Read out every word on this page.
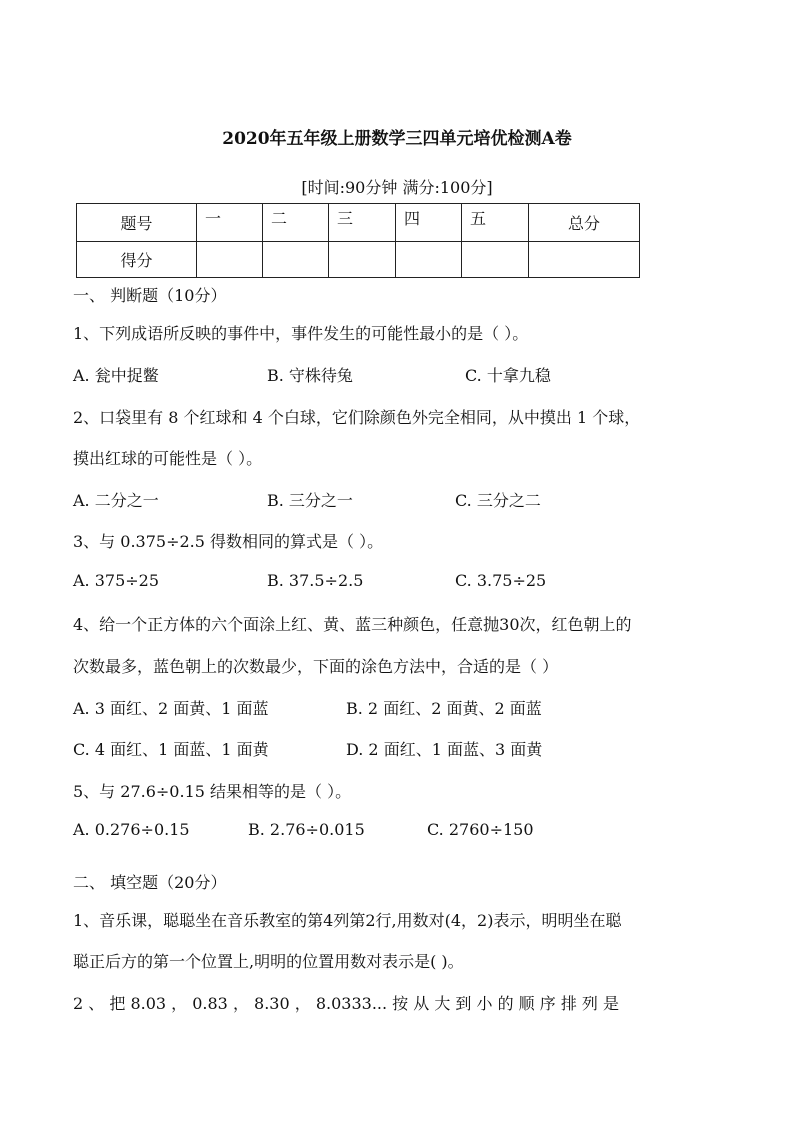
2020年五年级上册数学三四单元培优检测A卷
[时间:90分钟 满分:100分]
题号	一	二	三	四	五	总分
得分						
一、 判断题（10分）
1、下列成语所反映的事件中，事件发生的可能性最小的是（ ）。
A. 瓮中捉鳖	B. 守株待兔	C. 十拿九稳
2、口袋里有 8 个红球和 4 个白球，它们除颜色外完全相同，从中摸出 1 个球，
摸出红球的可能性是（ ）。
A. 二分之一	B. 三分之一	C. 三分之二
3、与 0.375÷2.5 得数相同的算式是（ ）。
A. 375÷25	B. 37.5÷2.5	C. 3.75÷25
4、给一个正方体的六个面涂上红、黄、蓝三种颜色，任意抛30次，红色朝上的
次数最多，蓝色朝上的次数最少，下面的涂色方法中，合适的是（ ）
A. 3 面红、2 面黄、1 面蓝	B. 2 面红、2 面黄、2 面蓝
C. 4 面红、1 面蓝、1 面黄	D. 2 面红、1 面蓝、3 面黄
5、与 27.6÷0.15 结果相等的是（ ）。
A. 0.276÷0.15	B. 2.76÷0.015	C. 2760÷150
二、 填空题（20分）
1、音乐课，聪聪坐在音乐教室的第4列第2行,用数对(4，2)表示，明明坐在聪
聪正后方的第一个位置上,明明的位置用数对表示是( )。
2 、 把 8.03 ， 0.83 ， 8.30 ， 8.0333... 按 从 大 到 小 的 顺 序 排 列 是
